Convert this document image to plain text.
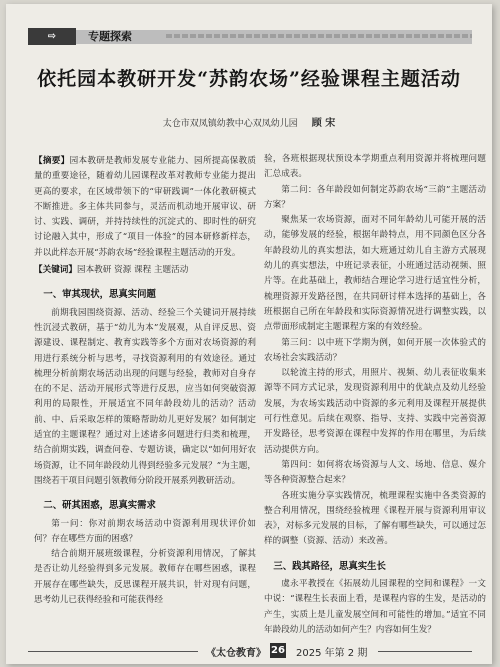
⇨	专题探索
依托园本教研开发“苏韵农场”经验课程主题活动
太仓市双凤镇幼教中心双凤幼儿园 顾 宋

【摘要】园本教研是教师发展专业能力、园所提高保教质量的重要途径，随着幼儿园课程改革对教师专业能力提出更高的要求，在区域带领下的“审研践调”一体化教研模式不断推进。多主体共同参与，灵活而机动地开展审议、研讨、实践、调研，并持持续性的沉淀式的、即时性的研究讨论融入其中，形成了“项目一体验”的园本研修新样态，并以此样态开展“苏韵农场”经验课程主题活动的开发。

【关键词】园本教研 资源 课程 主题活动

一、审其现状，思真实问题

前期我园围绕资源、活动、经验三个关键词开展持续性沉浸式教研，基于“幼儿为本”发展观，从自评反思、资源建设、课程制定、教育实践等多个方面对农场资源的利用进行系统分析与思考，寻找资源利用的有效途径。通过梳理分析前期农场活动出现的问题与经验，教师对自身存在的不足、活动开展形式等进行反思，应当如何突破资源利用的局限性，开展适宜不同年龄段幼儿的活动？活动前、中、后采取怎样的策略帮助幼儿更好发展？如何制定适宜的主题课程？通过对上述诸多问题进行归类和梳理，结合前期实践，调查问卷、专题访谈，确定以“如何用好农场资源，让不同年龄段幼儿得到经验多元发展？”为主题，围绕若干项目问题引领教师分阶段开展系列教研活动。

二、研其困惑，思真实需求

第一问：你对前期农场活动中资源利用现状评价如何？存在哪些方面的困惑？

结合前期开展班级课程，分析资源利用情况，了解其是否让幼儿经验得到多元发展。教师存在哪些困惑，课程开展存在哪些缺失，反思课程开展共识，针对现有问题，思考幼儿已获得经验和可能获得经

验，各班根据现状预设本学期重点利用资源并将梳理问题汇总成表。

第二问：各年龄段如何制定苏韵农场“三韵”主题活动方案？

聚焦某一农场资源，面对不同年龄幼儿可能开展的活动，能够发展的经验，根据年龄特点，用不同颜色区分各年龄段幼儿的真实想法，如大班通过幼儿自主游方式展现幼儿的真实想法，中班记录表征，小班通过活动视频、照片等。在此基础上，教师结合理论学习进行适宜性分析，梳理资源开发路径图，在共同研讨样本选择的基础上，各班根据自己所在年龄段和实际资源情况进行调整实践，以点带面形成制定主题课程方案的有效经验。

第三问：以中班下学期为例，如何开展一次体验式的农场社会实践活动？

以轮流主持的形式，用照片、视频、幼儿表征收集来源等不同方式记录，发现资源利用中的优缺点及幼儿经验发展，为农场实践活动中资源的多元利用及课程开展提供可行性意见。后续在观察、指导、支持、实践中完善资源开发路径，思考资源在课程中发挥的作用在哪里，为后续活动提供方向。

第四问：如何将农场资源与人文、场地、信息、媒介等各种资源整合起来？

各班实施分享实践情况，梳理课程实施中各类资源的整合利用情况，围绕经验梳理《课程开展与资源利用审议表》，对标多元发展的目标，了解有哪些缺失，可以通过怎样的调整（资源、活动）来改善。

三、践其路径，思真实生长

虞永平教授在《拓展幼儿园课程的空间和课程》一文中说：“课程生长表面上看，是课程内容的生发，是活动的产生，实质上是儿童发展空间和可能性的增加。”适宜不同年龄段幼儿的活动如何产生？内容如何生发？

《太仓教育》 26 2025 年第 2 期
